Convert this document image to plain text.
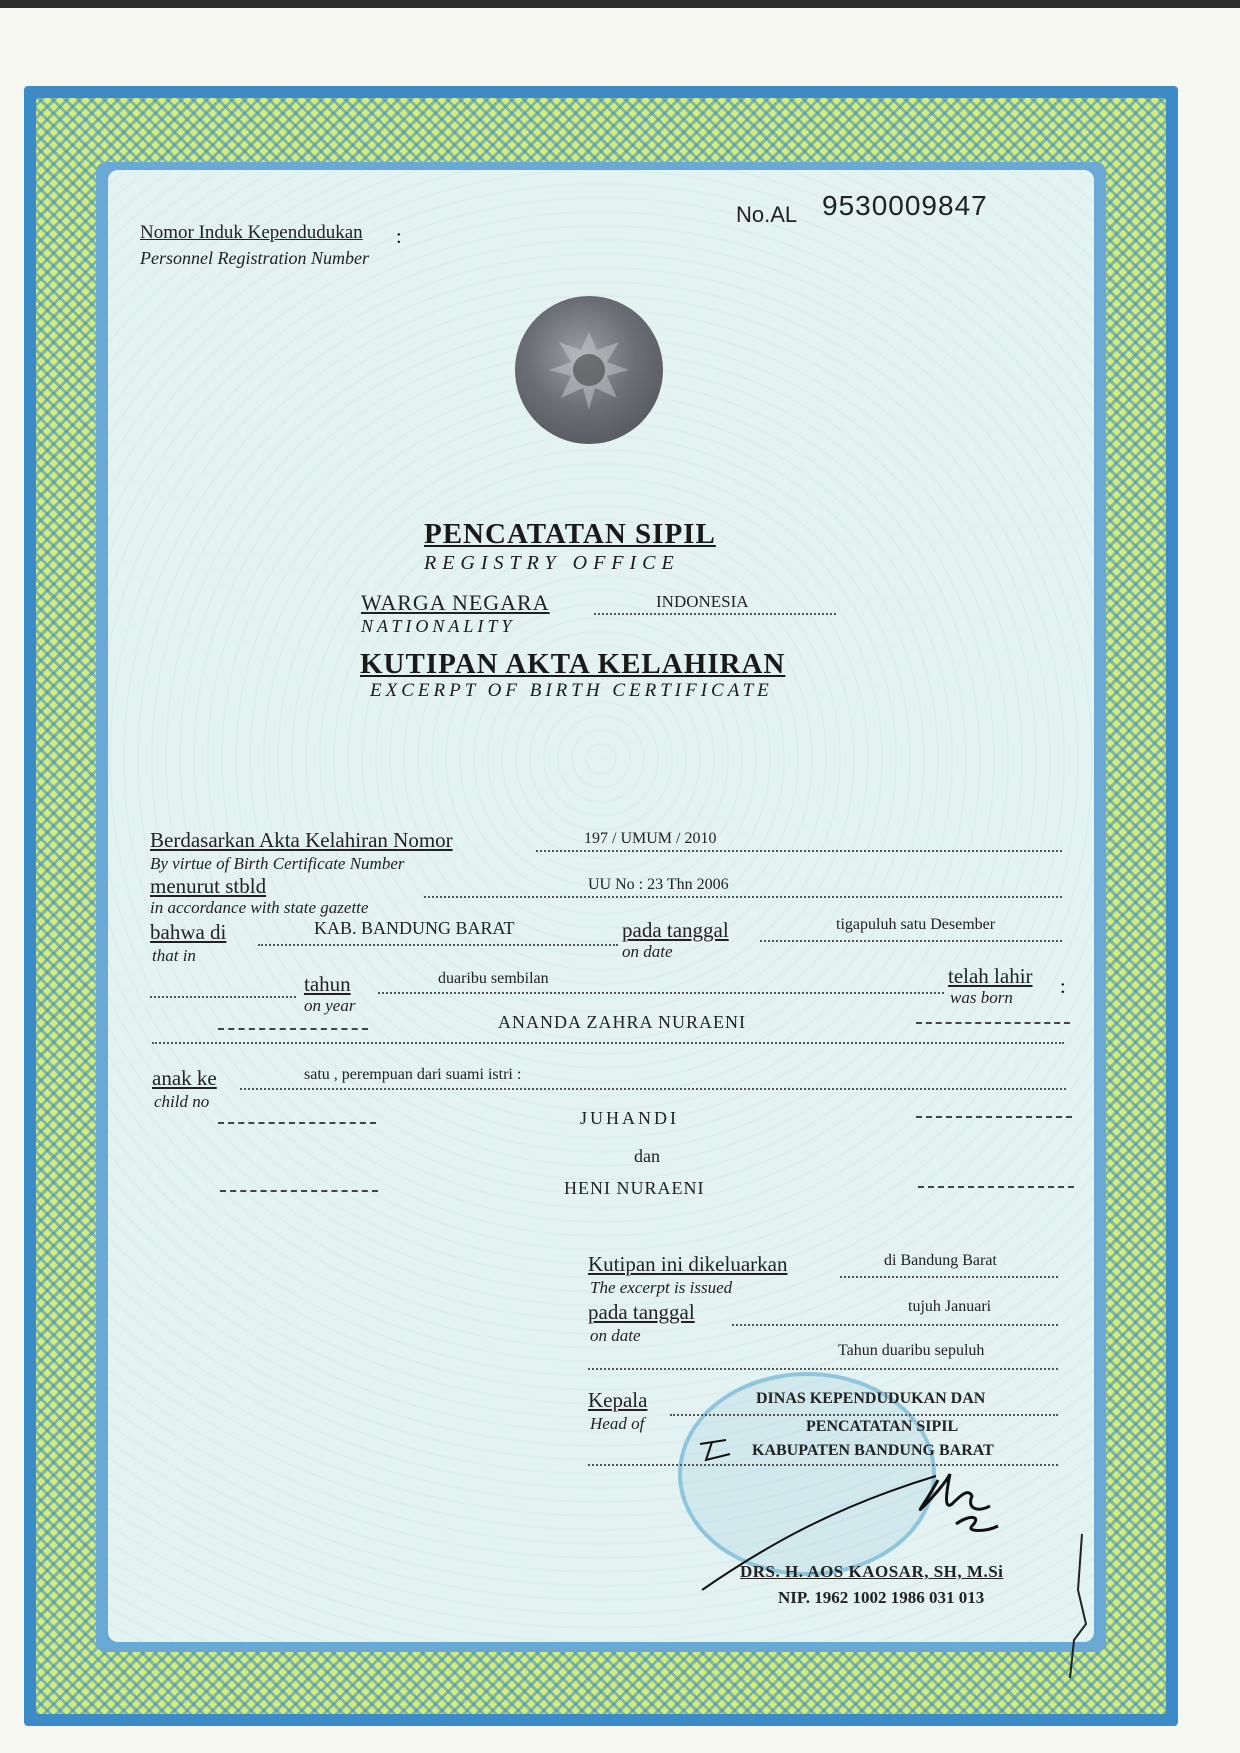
Nomor Induk Kependudukan :
Personnel Registration Number
No.AL 9530009847
PENCATATAN SIPIL
REGISTRY OFFICE
WARGA NEGARA
NATIONALITY
INDONESIA
KUTIPAN AKTA KELAHIRAN
EXCERPT OF BIRTH CERTIFICATE
Berdasarkan Akta Kelahiran Nomor
By virtue of Birth Certificate Number
197 / UMUM / 2010
menurut stbld
in accordance with state gazette
UU No : 23 Thn 2006
bahwa di
that in
KAB. BANDUNG BARAT	pada tanggal
on date
tigapuluh satu Desember
tahun
on year
duaribu sembilan	telah lahir
was born :
ANANDA ZAHRA NURAENI
anak ke
child no
satu , perempuan dari suami istri :
JUHANDI
dan
HENI NURAENI
Kutipan ini dikeluarkan
The excerpt is issued
di Bandung Barat
pada tanggal
on date
tujuh Januari
Tahun duaribu sepuluh
Kepala
Head of
DINAS KEPENDUDUKAN DAN
PENCATATAN SIPIL
KABUPATEN BANDUNG BARAT
DRS. H. AOS KAOSAR, SH, M.Si
NIP. 1962 1002 1986 031 013
